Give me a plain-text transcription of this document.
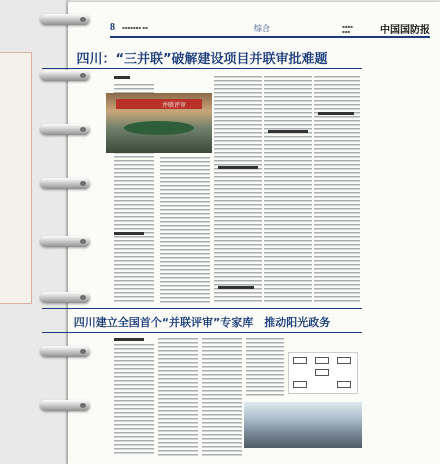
8 ▪▪▪▪▪▪▪ ▪▪	综合	▪▪▪▪ ▪▪▪	中国国防报
四川：“三并联”破解建设项目并联审批难题
并联评审
四川建立全国首个“并联评审”专家库　推动阳光政务
